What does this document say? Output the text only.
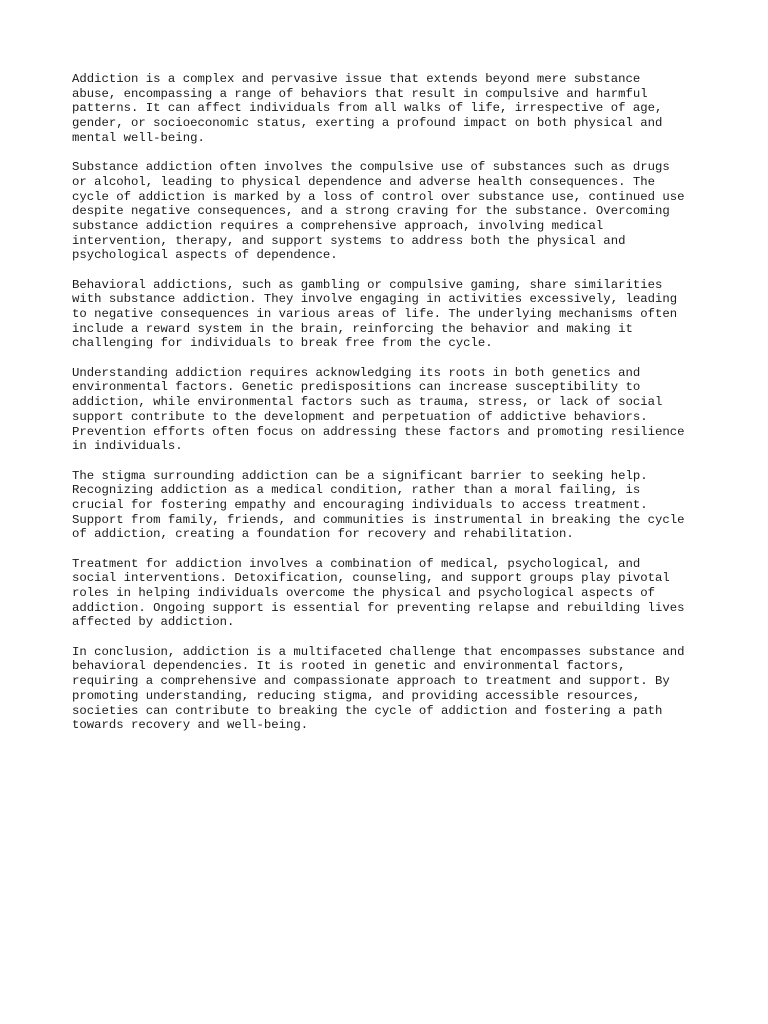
Addiction is a complex and pervasive issue that extends beyond mere substance
abuse, encompassing a range of behaviors that result in compulsive and harmful
patterns. It can affect individuals from all walks of life, irrespective of age,
gender, or socioeconomic status, exerting a profound impact on both physical and
mental well-being.

Substance addiction often involves the compulsive use of substances such as drugs
or alcohol, leading to physical dependence and adverse health consequences. The
cycle of addiction is marked by a loss of control over substance use, continued use
despite negative consequences, and a strong craving for the substance. Overcoming
substance addiction requires a comprehensive approach, involving medical
intervention, therapy, and support systems to address both the physical and
psychological aspects of dependence.

Behavioral addictions, such as gambling or compulsive gaming, share similarities
with substance addiction. They involve engaging in activities excessively, leading
to negative consequences in various areas of life. The underlying mechanisms often
include a reward system in the brain, reinforcing the behavior and making it
challenging for individuals to break free from the cycle.

Understanding addiction requires acknowledging its roots in both genetics and
environmental factors. Genetic predispositions can increase susceptibility to
addiction, while environmental factors such as trauma, stress, or lack of social
support contribute to the development and perpetuation of addictive behaviors.
Prevention efforts often focus on addressing these factors and promoting resilience
in individuals.

The stigma surrounding addiction can be a significant barrier to seeking help.
Recognizing addiction as a medical condition, rather than a moral failing, is
crucial for fostering empathy and encouraging individuals to access treatment.
Support from family, friends, and communities is instrumental in breaking the cycle
of addiction, creating a foundation for recovery and rehabilitation.

Treatment for addiction involves a combination of medical, psychological, and
social interventions. Detoxification, counseling, and support groups play pivotal
roles in helping individuals overcome the physical and psychological aspects of
addiction. Ongoing support is essential for preventing relapse and rebuilding lives
affected by addiction.

In conclusion, addiction is a multifaceted challenge that encompasses substance and
behavioral dependencies. It is rooted in genetic and environmental factors,
requiring a comprehensive and compassionate approach to treatment and support. By
promoting understanding, reducing stigma, and providing accessible resources,
societies can contribute to breaking the cycle of addiction and fostering a path
towards recovery and well-being.
